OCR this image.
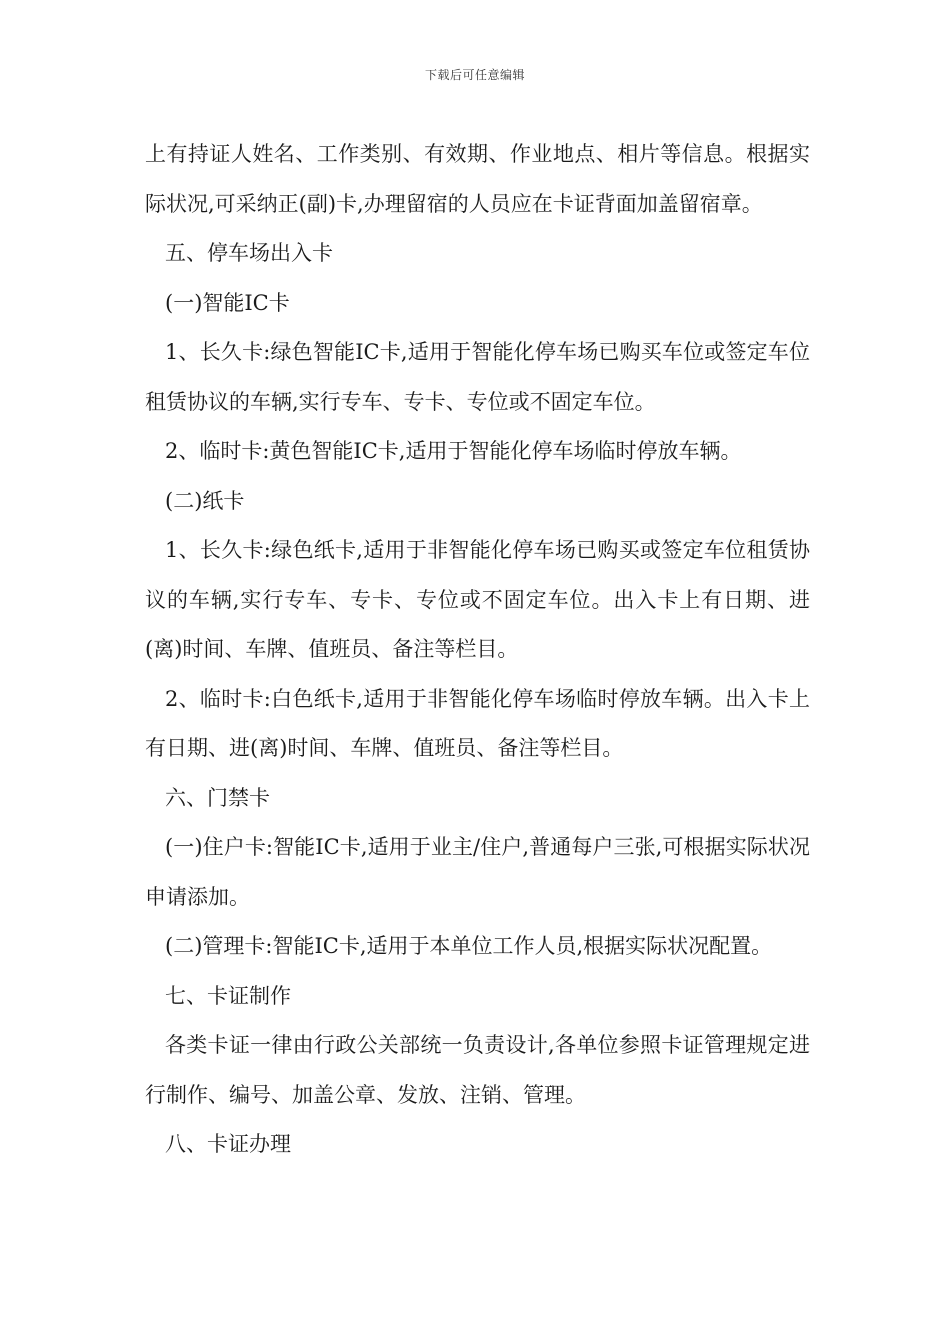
下载后可任意编辑

上有持证人姓名、工作类别、有效期、作业地点、相片等信息。根据实际状况,可采纳正(副)卡,办理留宿的人员应在卡证背面加盖留宿章。

五、停车场出入卡

(一)智能IC卡

1、长久卡:绿色智能IC卡,适用于智能化停车场已购买车位或签定车位租赁协议的车辆,实行专车、专卡、专位或不固定车位。

2、临时卡:黄色智能IC卡,适用于智能化停车场临时停放车辆。

(二)纸卡

1、长久卡:绿色纸卡,适用于非智能化停车场已购买或签定车位租赁协议的车辆,实行专车、专卡、专位或不固定车位。出入卡上有日期、进(离)时间、车牌、值班员、备注等栏目。

2、临时卡:白色纸卡,适用于非智能化停车场临时停放车辆。出入卡上有日期、进(离)时间、车牌、值班员、备注等栏目。

六、门禁卡

(一)住户卡:智能IC卡,适用于业主/住户,普通每户三张,可根据实际状况申请添加。

(二)管理卡:智能IC卡,适用于本单位工作人员,根据实际状况配置。

七、卡证制作

各类卡证一律由行政公关部统一负责设计,各单位参照卡证管理规定进行制作、编号、加盖公章、发放、注销、管理。

八、卡证办理
